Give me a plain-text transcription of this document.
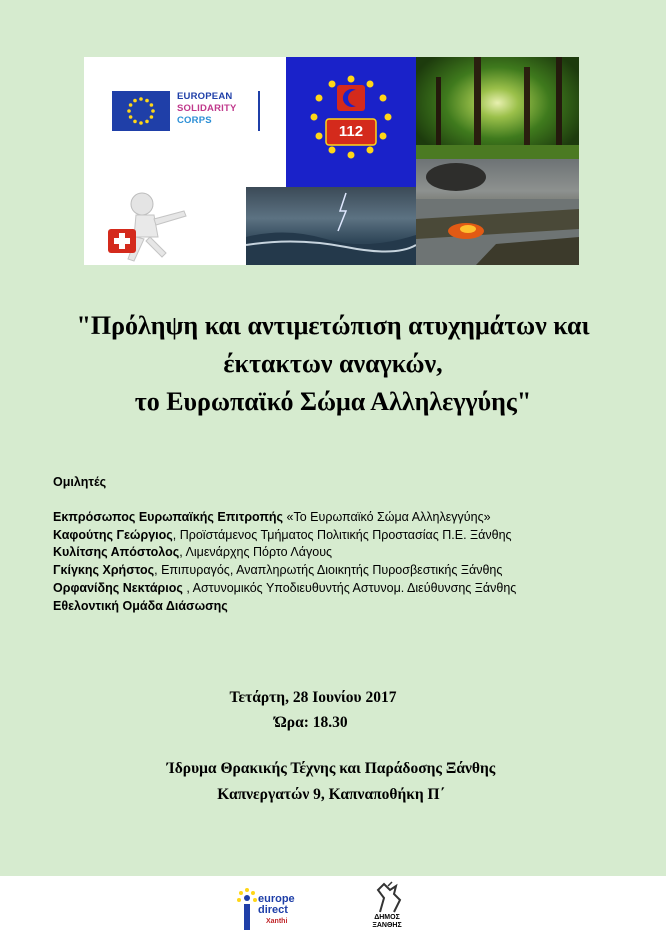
EUROPEAN
SOLIDARITY
CORPS
112
"Πρόληψη και αντιμετώπιση ατυχημάτων και
έκτακτων αναγκών,
το Ευρωπαϊκό Σώμα Αλληλεγγύης"
Ομιλητές
Εκπρόσωπος Ευρωπαϊκής Επιτροπής «Το Ευρωπαϊκό Σώμα Αλληλεγγύης»
Καφούτης Γεώργιος, Προϊστάμενος Τμήματος Πολιτικής Προστασίας Π.Ε. Ξάνθης
Κυλίτσης Απόστολος, Λιμενάρχης Πόρτο Λάγους
Γκίγκης Χρήστος, Επιπυραγός, Αναπληρωτής Διοικητής Πυροσβεστικής Ξάνθης
Ορφανίδης Νεκτάριος , Αστυνομικός Υποδιευθυντής Αστυνομ. Διεύθυνσης Ξάνθης
Εθελοντική Ομάδα Διάσωσης
Τετάρτη, 28 Ιουνίου 2017
Ώρα: 18.30
Ίδρυμα Θρακικής Τέχνης και Παράδοσης Ξάνθης
Καπνεργατών 9, Καπναποθήκη Π΄
europe
direct
Xanthi
ΔΗΜΟΣ
ΞΑΝΘΗΣ
